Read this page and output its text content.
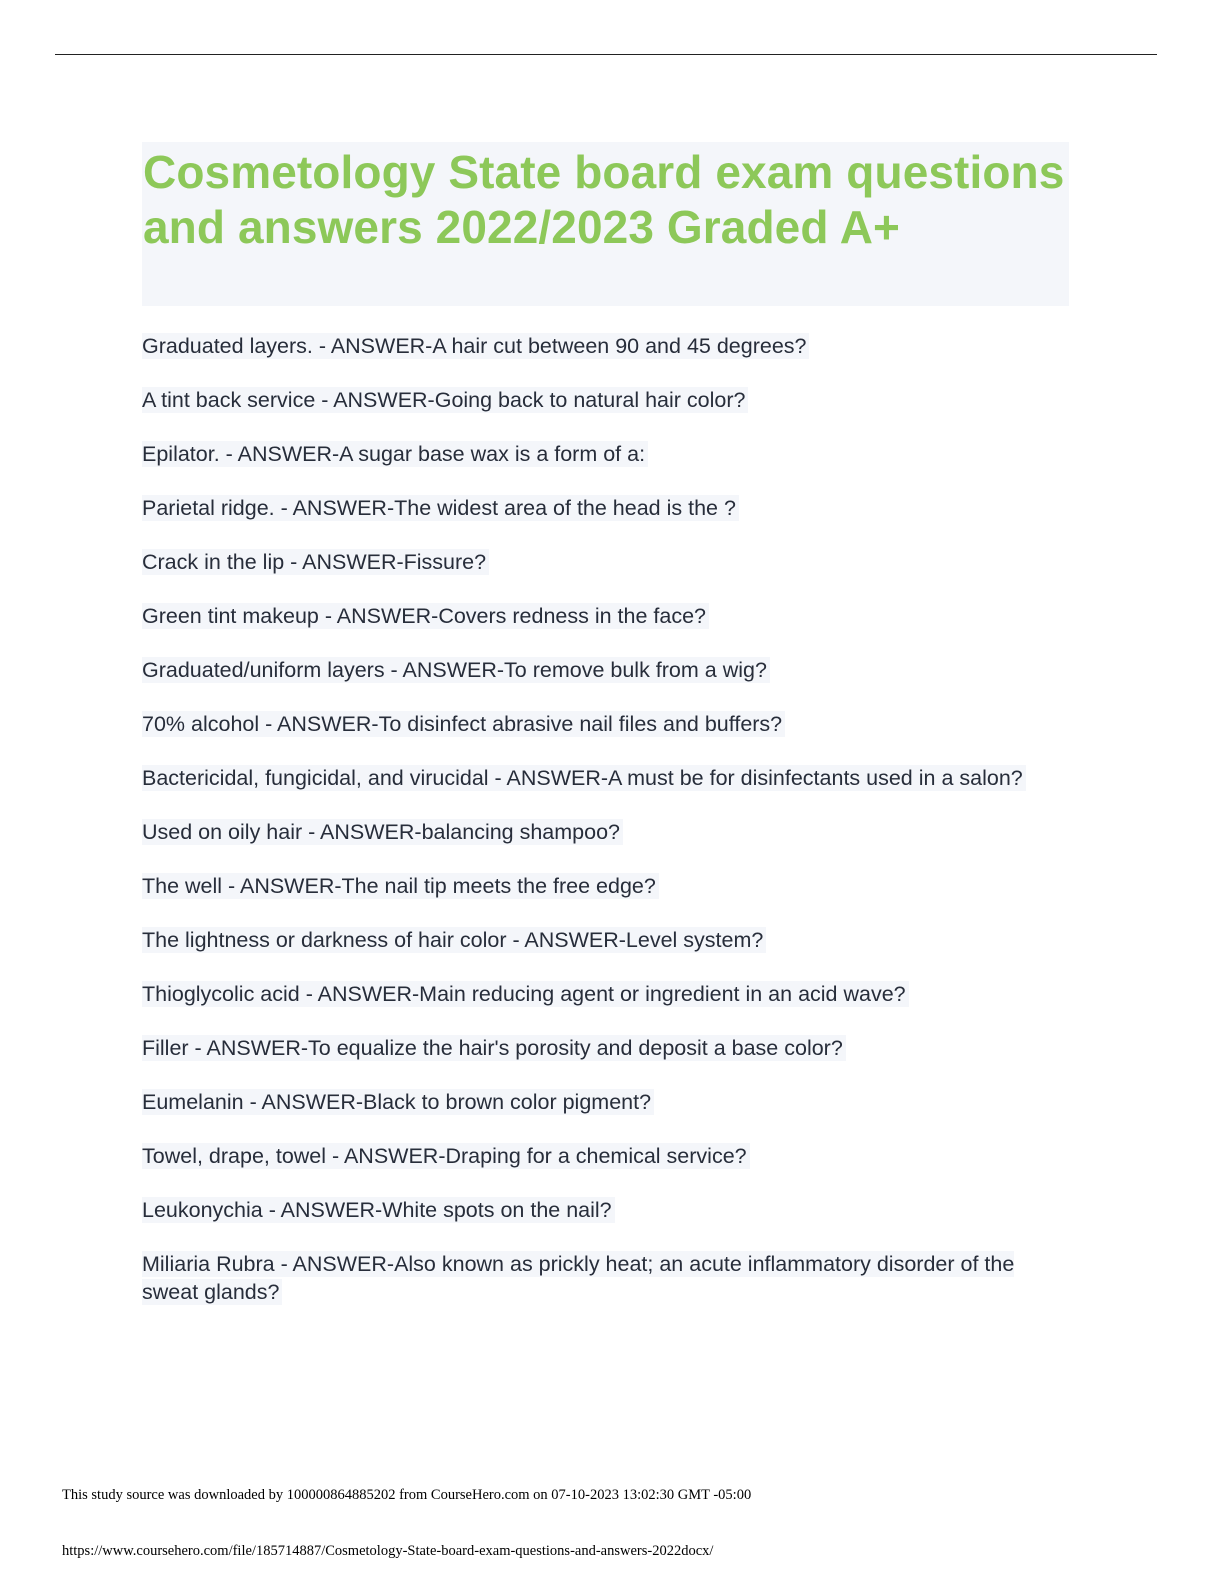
Cosmetology State board exam questions and answers 2022/2023 Graded A+
Graduated layers. - ANSWER-A hair cut between 90 and 45 degrees?
A tint back service - ANSWER-Going back to natural hair color?
Epilator. - ANSWER-A sugar base wax is a form of a:
Parietal ridge. - ANSWER-The widest area of the head is the ?
Crack in the lip - ANSWER-Fissure?
Green tint makeup - ANSWER-Covers redness in the face?
Graduated/uniform layers - ANSWER-To remove bulk from a wig?
70% alcohol - ANSWER-To disinfect abrasive nail files and buffers?
Bactericidal, fungicidal, and virucidal - ANSWER-A must be for disinfectants used in a salon?
Used on oily hair - ANSWER-balancing shampoo?
The well - ANSWER-The nail tip meets the free edge?
The lightness or darkness of hair color - ANSWER-Level system?
Thioglycolic acid - ANSWER-Main reducing agent or ingredient in an acid wave?
Filler - ANSWER-To equalize the hair's porosity and deposit a base color?
Eumelanin - ANSWER-Black to brown color pigment?
Towel, drape, towel - ANSWER-Draping for a chemical service?
Leukonychia - ANSWER-White spots on the nail?
Miliaria Rubra - ANSWER-Also known as prickly heat; an acute inflammatory disorder of the sweat glands?
This study source was downloaded by 100000864885202 from CourseHero.com on 07-10-2023 13:02:30 GMT -05:00
https://www.coursehero.com/file/185714887/Cosmetology-State-board-exam-questions-and-answers-2022docx/
